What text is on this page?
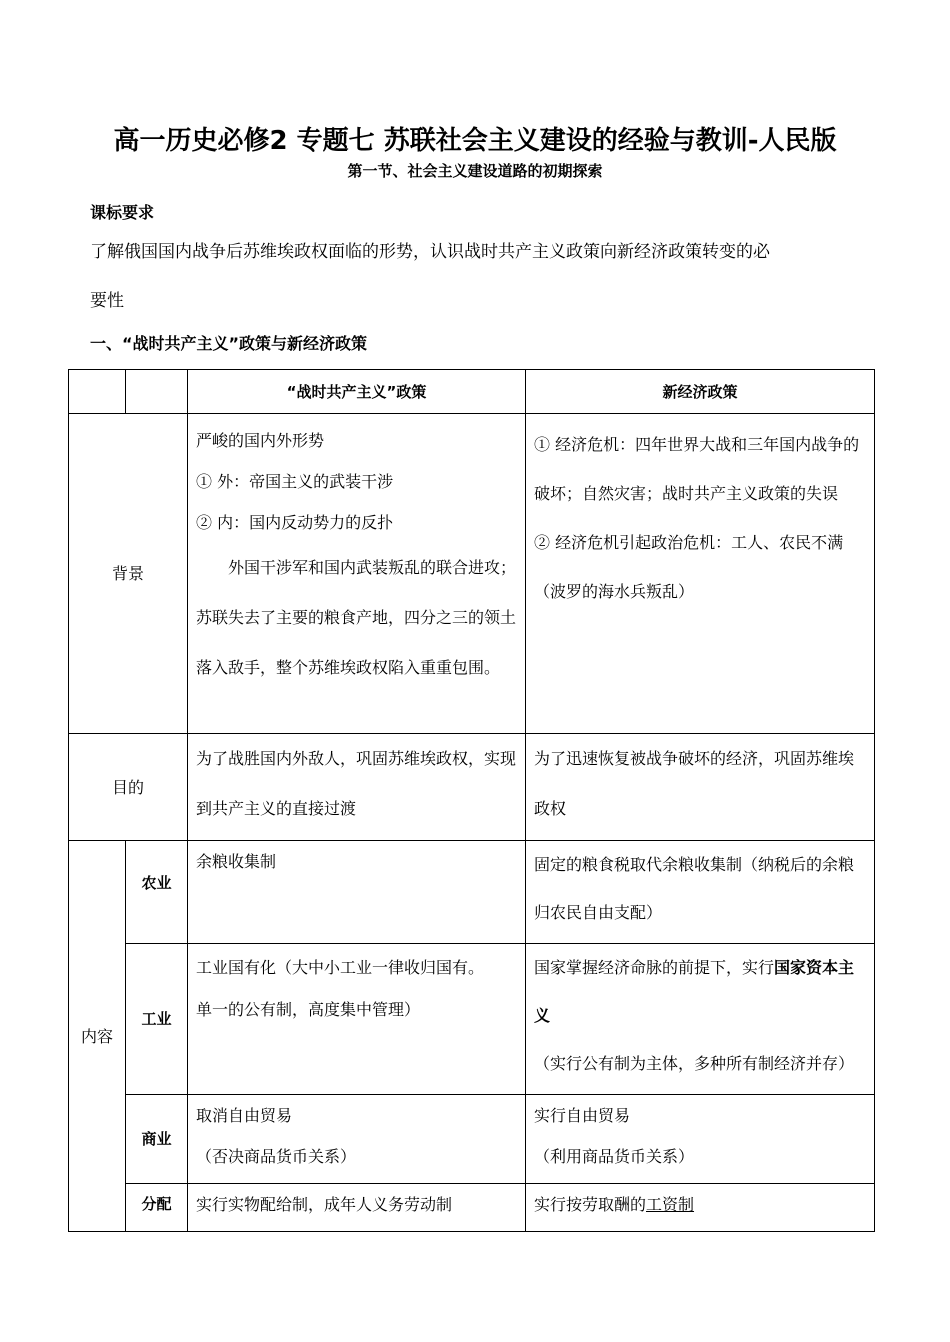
高一历史必修2 专题七 苏联社会主义建设的经验与教训-人民版
第一节、社会主义建设道路的初期探索
课标要求
了解俄国国内战争后苏维埃政权面临的形势，认识战时共产主义政策向新经济政策转变的必
要性
一、“战时共产主义”政策与新经济政策
		“战时共产主义”政策	新经济政策
背景		严峻的国内外形势
① 外：帝国主义的武装干涉
② 内：国内反动势力的反扑
外国干涉军和国内武装叛乱的联合进攻；苏联失去了主要的粮食产地，四分之三的领土落入敌手，整个苏维埃政权陷入重重包围。	① 经济危机：四年世界大战和三年国内战争的破坏；自然灾害；战时共产主义政策的失误
② 经济危机引起政治危机：工人、农民不满（波罗的海水兵叛乱）

目的		为了战胜国内外敌人，巩固苏维埃政权，实现到共产主义的直接过渡	为了迅速恢复被战争破坏的经济，巩固苏维埃政权
内容	农业	余粮收集制	固定的粮食税取代余粮收集制（纳税后的余粮归农民自由支配）
	工业	工业国有化（大中小工业一律收归国有。
单一的公有制，高度集中管理）	国家掌握经济命脉的前提下，实行国家资本主义（实行公有制为主体，多种所有制经济并存）
	商业	取消自由贸易
（否决商品货币关系）	实行自由贸易
（利用商品货币关系）

	分配	实行实物配给制，成年人义务劳动制	实行按劳取酬的工资制
